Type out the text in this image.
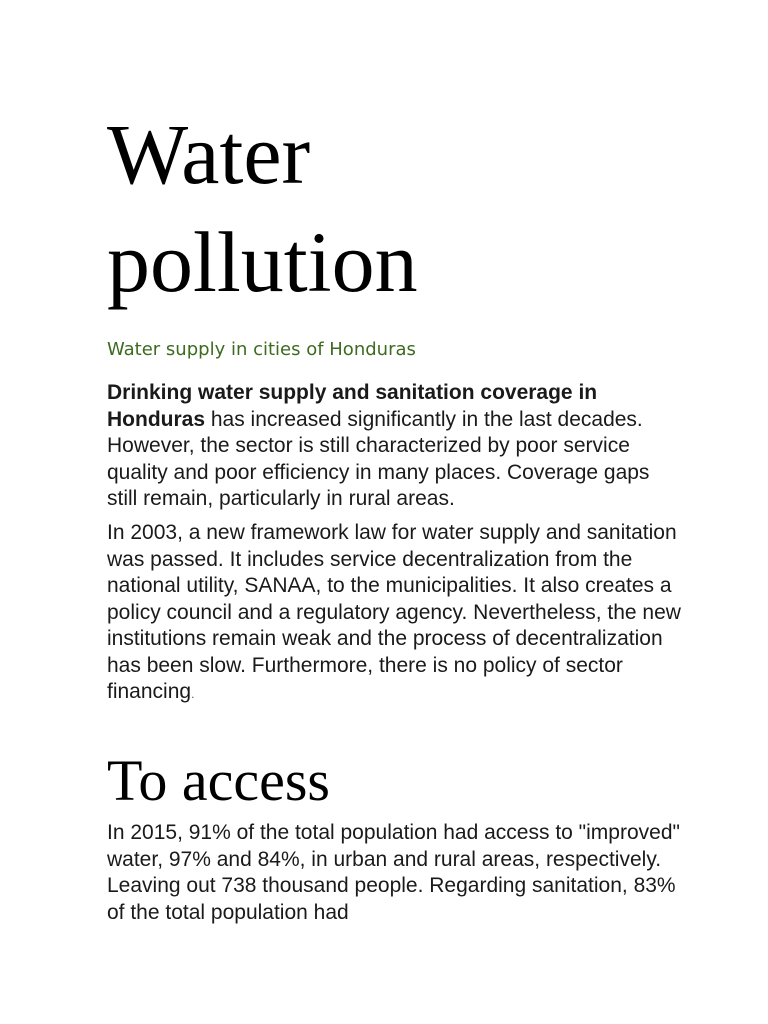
Water
pollution

Water supply in cities of Honduras

Drinking water supply and sanitation coverage in Honduras has increased significantly in the last decades. However, the sector is still characterized by poor service quality and poor efficiency in many places. Coverage gaps still remain, particularly in rural areas.

In 2003, a new framework law for water supply and sanitation was passed. It includes service decentralization from the national utility, SANAA, to the municipalities. It also creates a policy council and a regulatory agency. Nevertheless, the new institutions remain weak and the process of decentralization has been slow. Furthermore, there is no policy of sector financing.

To access

In 2015, 91% of the total population had access to "improved" water, 97% and 84%, in urban and rural areas, respectively. Leaving out 738 thousand people. Regarding sanitation, 83% of the total population had
